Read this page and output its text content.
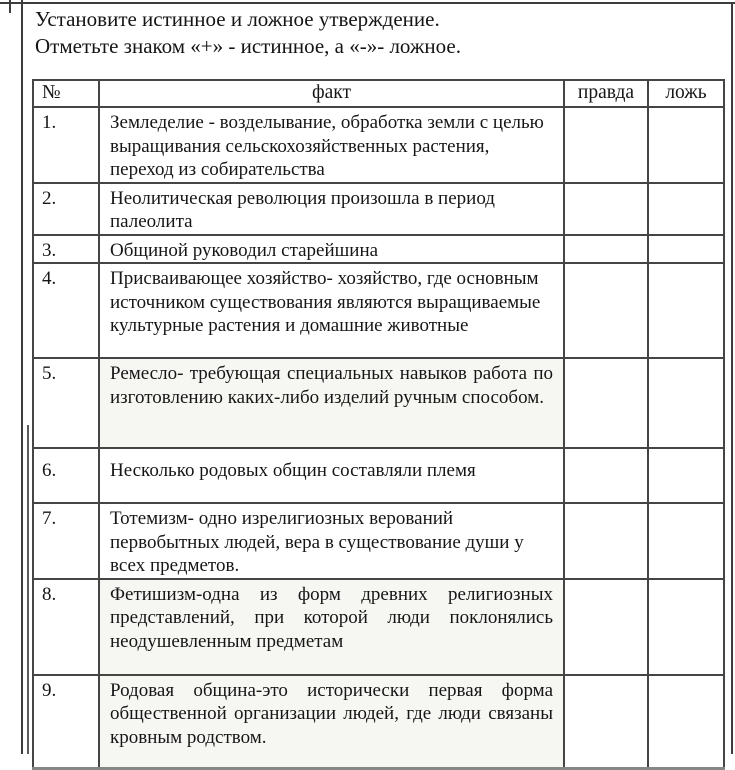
Установите истинное и ложное утверждение.
Отметьте знаком «+» - истинное, а «-»- ложное.
№	факт	правда	ложь
1.	Земледелие - возделывание, обработка земли с целью выращивания сельскохозяйственных растения, переход из собирательства		
2.	Неолитическая революция произошла в период палеолита		
3.	Общиной руководил старейшина		
4.	Присваивающее хозяйство- хозяйство, где основным источником существования являются выращиваемые культурные растения и домашние животные		
5.	Ремесло- требующая специальных навыков работа по изготовлению каких-либо изделий ручным способом.		
6.	Несколько родовых общин составляли племя		
7.	Тотемизм- одно изрелигиозных верований первобытных людей, вера в существование души у всех предметов.		
8.	Фетишизм-одна из форм древних религиозных представлений, при которой люди поклонялись неодушевленным предметам		
9.	Родовая община-это исторически первая форма общественной организации людей, где люди связаны кровным родством.		
